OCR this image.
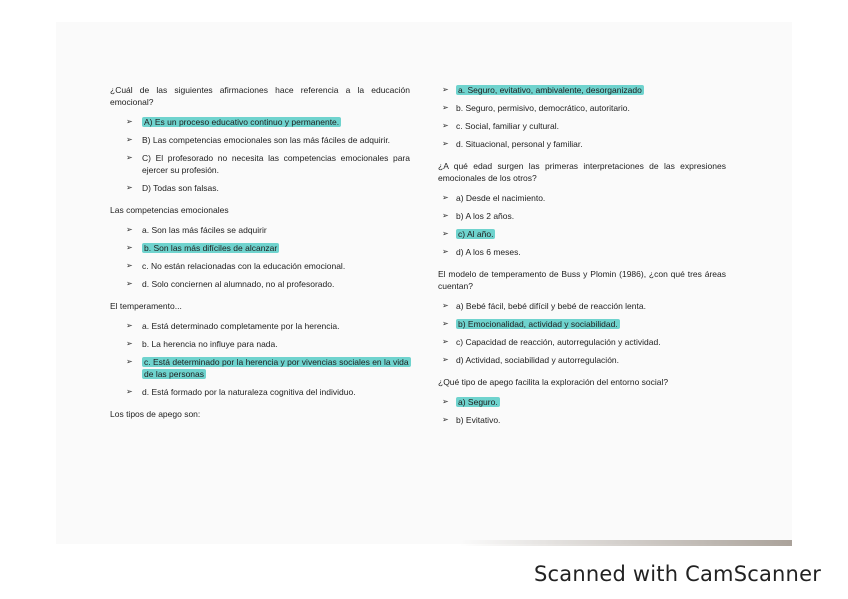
¿Cuál de las siguientes afirmaciones hace referencia a la educación emocional?
➢ A) Es un proceso educativo continuo y permanente.
➢ B) Las competencias emocionales son las más fáciles de adquirir.
➢ C) El profesorado no necesita las competencias emocionales para ejercer su profesión.
➢ D) Todas son falsas.
Las competencias emocionales
➢ a. Son las más fáciles se adquirir
➢ b. Son las más difíciles de alcanzar
➢ c. No están relacionadas con la educación emocional.
➢ d. Solo conciernen al alumnado, no al profesorado.
El temperamento...
➢ a. Está determinado completamente por la herencia.
➢ b. La herencia no influye para nada.
➢ c. Está determinado por la herencia y por vivencias sociales en la vida de las personas
➢ d. Está formado por la naturaleza cognitiva del individuo.
Los tipos de apego son:
➢ a. Seguro, evitativo, ambivalente, desorganizado
➢ b. Seguro, permisivo, democrático, autoritario.
➢ c. Social, familiar y cultural.
➢ d. Situacional, personal y familiar.
¿A qué edad surgen las primeras interpretaciones de las expresiones emocionales de los otros?
➢ a) Desde el nacimiento.
➢ b) A los 2 años.
➢ c) Al año.
➢ d) A los 6 meses.
El modelo de temperamento de Buss y Plomin (1986), ¿con qué tres áreas cuentan?
➢ a) Bebé fácil, bebé difícil y bebé de reacción lenta.
➢ b) Emocionalidad, actividad y sociabilidad.
➢ c) Capacidad de reacción, autorregulación y actividad.
➢ d) Actividad, sociabilidad y autorregulación.
¿Qué tipo de apego facilita la exploración del entorno social?
➢ a) Seguro.
➢ b) Evitativo.
Scanned with CamScanner
